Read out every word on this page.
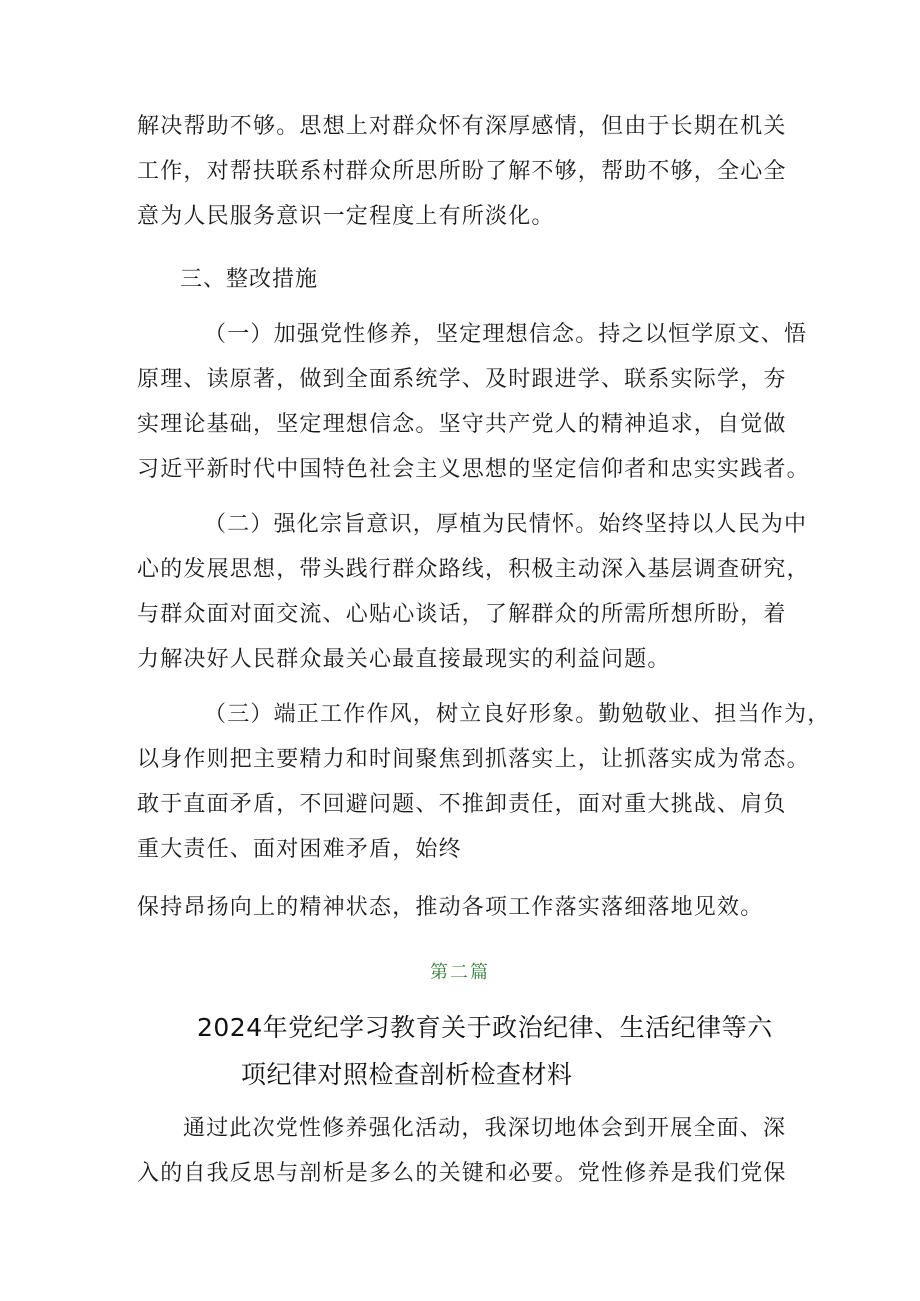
解决帮助不够。思想上对群众怀有深厚感情，但由于长期在机关
工作，对帮扶联系村群众所思所盼了解不够，帮助不够，全心全
意为人民服务意识一定程度上有所淡化。
三、整改措施
（一）加强党性修养，坚定理想信念。持之以恒学原文、悟
原理、读原著，做到全面系统学、及时跟进学、联系实际学，夯
实理论基础，坚定理想信念。坚守共产党人的精神追求，自觉做
习近平新时代中国特色社会主义思想的坚定信仰者和忠实实践者。
（二）强化宗旨意识，厚植为民情怀。始终坚持以人民为中
心的发展思想，带头践行群众路线，积极主动深入基层调查研究，
与群众面对面交流、心贴心谈话，了解群众的所需所想所盼，着
力解决好人民群众最关心最直接最现实的利益问题。
（三）端正工作作风，树立良好形象。勤勉敬业、担当作为，
以身作则把主要精力和时间聚焦到抓落实上，让抓落实成为常态。
敢于直面矛盾，不回避问题、不推卸责任，面对重大挑战、肩负
重大责任、面对困难矛盾，始终
保持昂扬向上的精神状态，推动各项工作落实落细落地见效。
第二篇
2024年党纪学习教育关于政治纪律、生活纪律等六
项纪律对照检查剖析检查材料
通过此次党性修养强化活动，我深切地体会到开展全面、深
入的自我反思与剖析是多么的关键和必要。党性修养是我们党保
